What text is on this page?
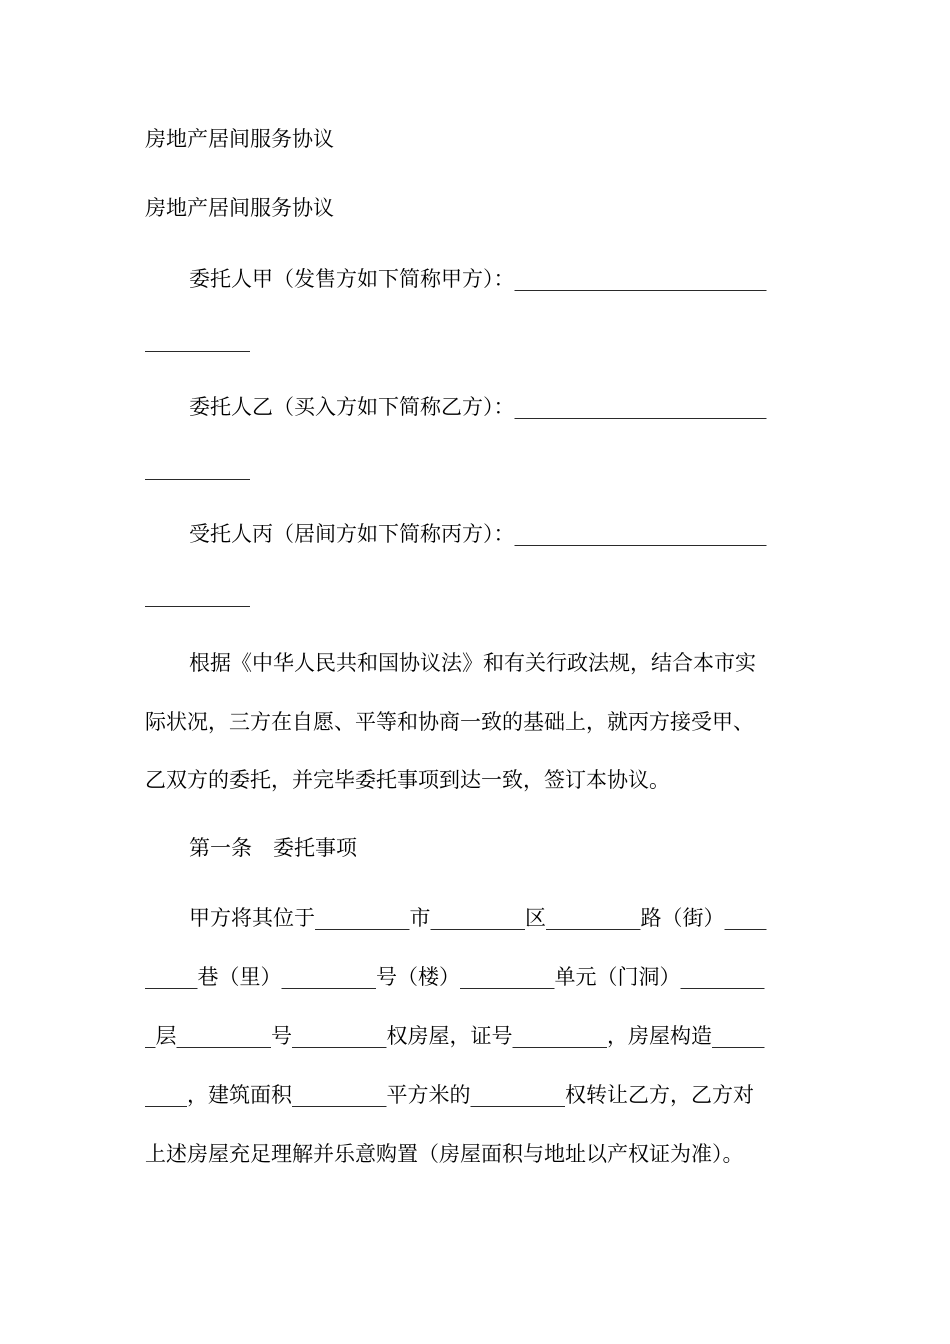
房地产居间服务协议
房地产居间服务协议
委托人甲（发售方如下简称甲方）：________________________
__________
委托人乙（买入方如下简称乙方）：________________________
__________
受托人丙（居间方如下简称丙方）：________________________
__________
根据《中华人民共和国协议法》和有关行政法规，结合本市实
际状况，三方在自愿、平等和协商一致的基础上，就丙方接受甲、
乙双方的委托，并完毕委托事项到达一致，签订本协议。
第一条　委托事项
甲方将其位于_________市_________区_________路（街）____
_____巷（里）_________号（楼）_________单元（门洞）________
_层_________号_________权房屋，证号_________，房屋构造_____
____，建筑面积_________平方米的_________权转让乙方，乙方对
上述房屋充足理解并乐意购置（房屋面积与地址以产权证为准）。
